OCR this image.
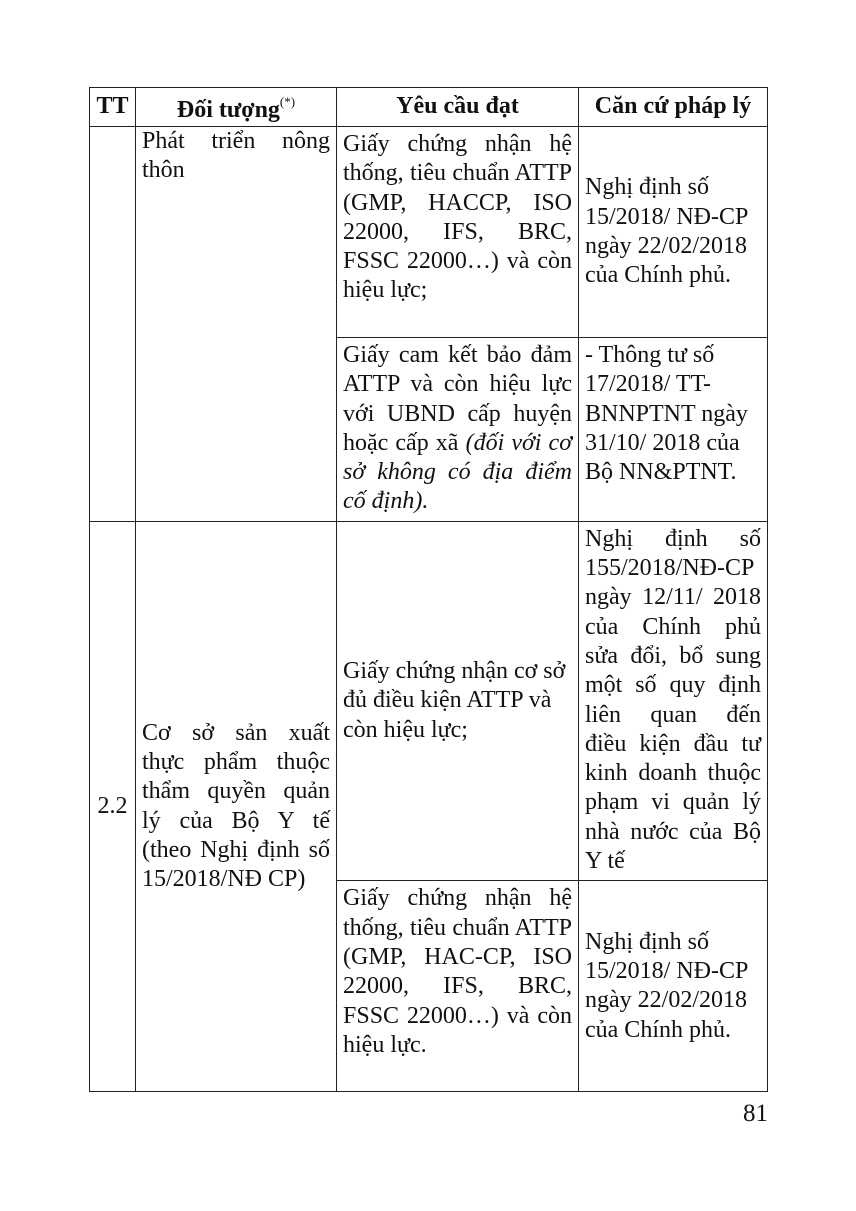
TT	Đối tượng(*)	Yêu cầu đạt	Căn cứ pháp lý
	Phát triển nông thôn	Giấy chứng nhận hệ thống, tiêu chuẩn ATTP (GMP, HACCP, ISO 22000, IFS, BRC, FSSC 22000…) và còn hiệu lực;	Nghị định số 15/2018/ NĐ-CP ngày 22/02/2018 của Chính phủ.
		Giấy cam kết bảo đảm ATTP và còn hiệu lực với UBND cấp huyện hoặc cấp xã (đối với cơ sở không có địa điểm cố định).	- Thông tư số 17/2018/ TT-BNNPTNT ngày 31/10/ 2018 của Bộ NN&PTNT.
2.2	Cơ sở sản xuất thực phẩm thuộc thẩm quyền quản lý của Bộ Y tế (theo Nghị định số 15/2018/NĐ CP)	Giấy chứng nhận cơ sở đủ điều kiện ATTP và còn hiệu lực;	Nghị định số 155/2018/NĐ-CP ngày 12/11/ 2018 của Chính phủ sửa đổi, bổ sung một số quy định liên quan đến điều kiện đầu tư kinh doanh thuộc phạm vi quản lý nhà nước của Bộ Y tế
		Giấy chứng nhận hệ thống, tiêu chuẩn ATTP (GMP, HAC-CP, ISO 22000, IFS, BRC, FSSC 22000…) và còn hiệu lực.	Nghị định số 15/2018/ NĐ-CP ngày 22/02/2018 của Chính phủ.
81
